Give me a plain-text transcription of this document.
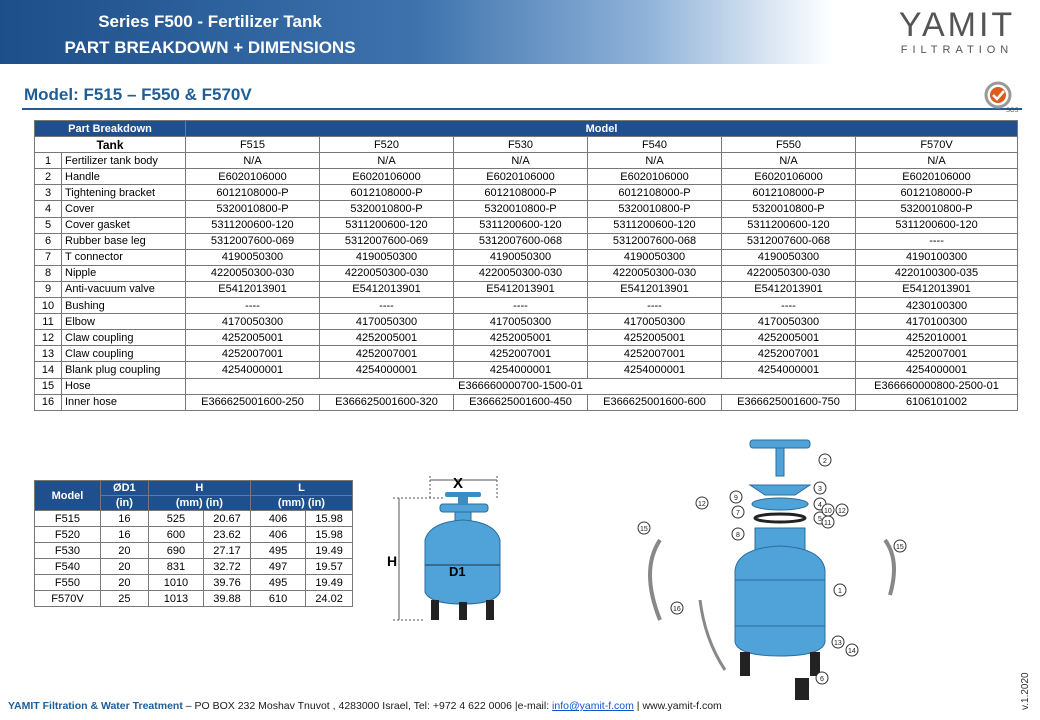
Series F500 - Fertilizer Tank
PART BREAKDOWN + DIMENSIONS
YAMIT
FILTRATION
Model: F515 – F550 & F570V
SGS
Part Breakdown		Model					
Tank		F515	F520	F530	F540	F550	F570V
1	Fertilizer tank body	N/A	N/A	N/A	N/A	N/A	N/A
2	Handle	E6020106000	E6020106000	E6020106000	E6020106000	E6020106000	E6020106000
3	Tightening bracket	6012108000-P	6012108000-P	6012108000-P	6012108000-P	6012108000-P	6012108000-P
4	Cover	5320010800-P	5320010800-P	5320010800-P	5320010800-P	5320010800-P	5320010800-P
5	Cover gasket	5311200600-120	5311200600-120	5311200600-120	5311200600-120	5311200600-120	5311200600-120
6	Rubber base leg	5312007600-069	5312007600-069	5312007600-068	5312007600-068	5312007600-068	----
7	T connector	4190050300	4190050300	4190050300	4190050300	4190050300	4190100300
8	Nipple	4220050300-030	4220050300-030	4220050300-030	4220050300-030	4220050300-030	4220100300-035
9	Anti-vacuum valve	E5412013901	E5412013901	E5412013901	E5412013901	E5412013901	E5412013901
10	Bushing	----	----	----	----	----	4230100300
11	Elbow	4170050300	4170050300	4170050300	4170050300	4170050300	4170100300
12	Claw coupling	4252005001	4252005001	4252005001	4252005001	4252005001	4252010001
13	Claw coupling	4252007001	4252007001	4252007001	4252007001	4252007001	4252007001
14	Blank plug coupling	4254000001	4254000001	4254000001	4254000001	4254000001	4254000001
15	Hose	E366660000700-1500-01					E366660000800-2500-01
16	Inner hose	E366625001600-250	E366625001600-320	E366625001600-450	E366625001600-600	E366625001600-750	6106101002
Model	ØD1	H		L	
	(in)	(mm) (in)		(mm) (in)	
F515	16	525	20.67	406	15.98
F520	16	600	23.62	406	15.98
F530	20	690	27.17	495	19.49
F540	20	831	32.72	497	19.57
F550	20	1010	39.76	495	19.49
F570V	25	1013	39.88	610	24.02
X
H
D1
2
3
4
5
1
6
7
8
9
10
11
12
12
13
14
15
15
16
YAMIT Filtration & Water Treatment – PO BOX 232 Moshav Tnuvot , 4283000 Israel, Tel: +972 4 622 0006 |e-mail: info@yamit-f.com | www.yamit-f.com	v.1.2020
